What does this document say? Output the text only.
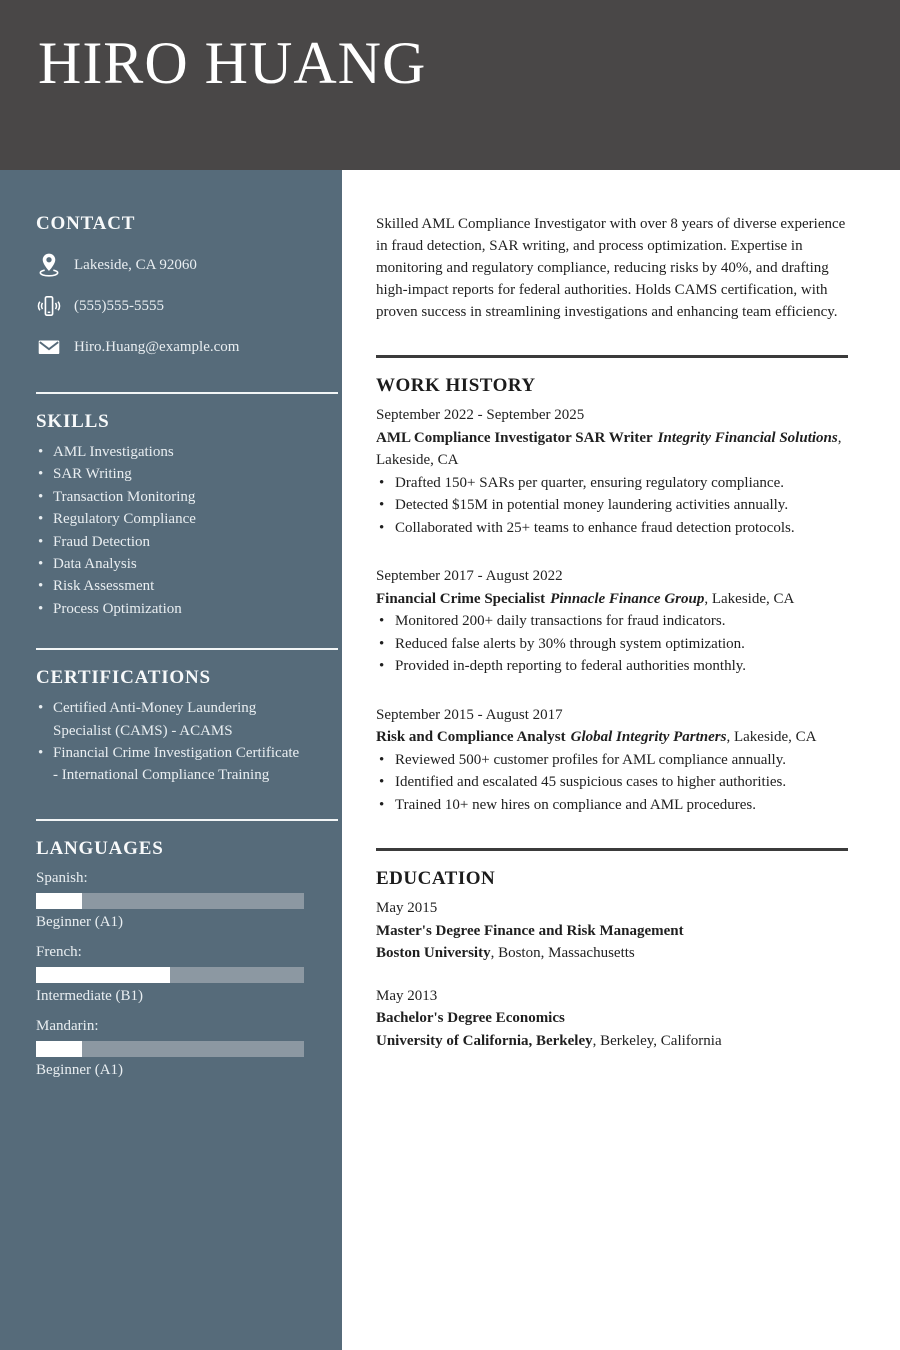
HIRO HUANG
CONTACT
Lakeside, CA 92060
(555)555-5555
Hiro.Huang@example.com
SKILLS
• AML Investigations
• SAR Writing
• Transaction Monitoring
• Regulatory Compliance
• Fraud Detection
• Data Analysis
• Risk Assessment
• Process Optimization
CERTIFICATIONS
• Certified Anti-Money Laundering Specialist (CAMS) - ACAMS
• Financial Crime Investigation Certificate - International Compliance Training
LANGUAGES
Spanish:
Beginner (A1)
French:
Intermediate (B1)
Mandarin:
Beginner (A1)

Skilled AML Compliance Investigator with over 8 years of diverse experience in fraud detection, SAR writing, and process optimization. Expertise in monitoring and regulatory compliance, reducing risks by 40%, and drafting high-impact reports for federal authorities. Holds CAMS certification, with proven success in streamlining investigations and enhancing team efficiency.

WORK HISTORY
September 2022 - September 2025
AML Compliance Investigator SAR Writer Integrity Financial Solutions, Lakeside, CA
• Drafted 150+ SARs per quarter, ensuring regulatory compliance.
• Detected $15M in potential money laundering activities annually.
• Collaborated with 25+ teams to enhance fraud detection protocols.
September 2017 - August 2022
Financial Crime Specialist Pinnacle Finance Group, Lakeside, CA
• Monitored 200+ daily transactions for fraud indicators.
• Reduced false alerts by 30% through system optimization.
• Provided in-depth reporting to federal authorities monthly.
September 2015 - August 2017
Risk and Compliance Analyst Global Integrity Partners, Lakeside, CA
• Reviewed 500+ customer profiles for AML compliance annually.
• Identified and escalated 45 suspicious cases to higher authorities.
• Trained 10+ new hires on compliance and AML procedures.
EDUCATION
May 2015
Master's Degree Finance and Risk Management
Boston University, Boston, Massachusetts
May 2013
Bachelor's Degree Economics
University of California, Berkeley, Berkeley, California
